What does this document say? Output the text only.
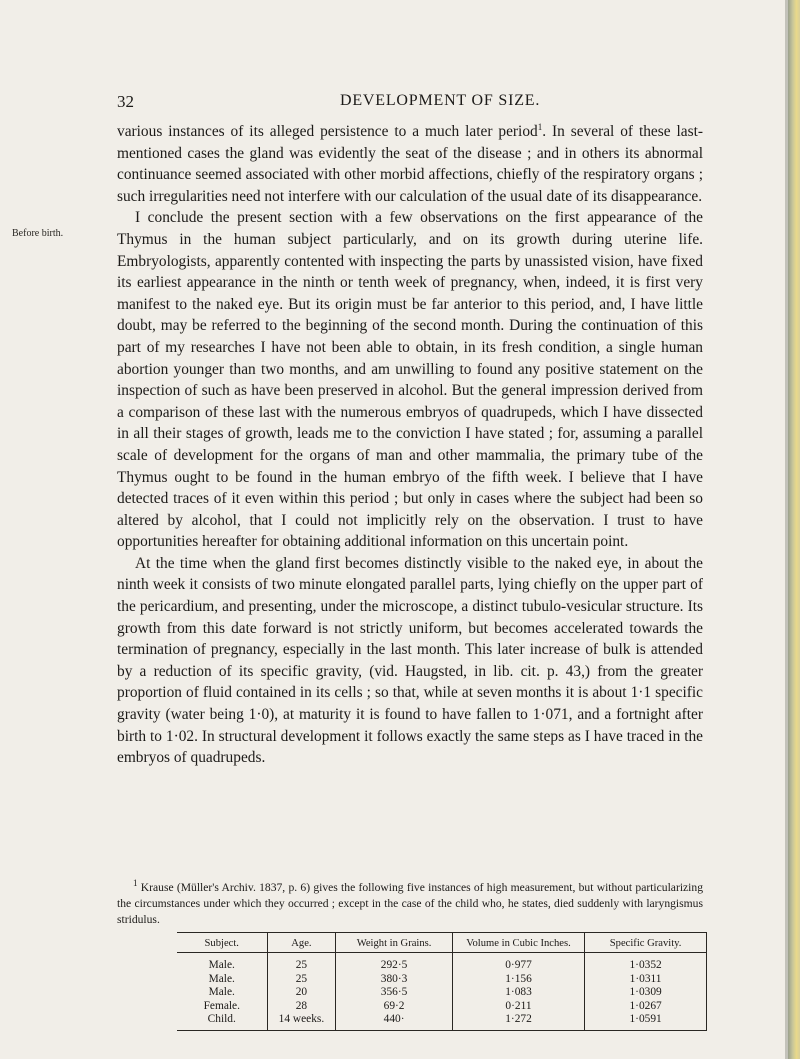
32	DEVELOPMENT OF SIZE.
Before birth.

various instances of its alleged persistence to a much later period$^1$. In several of these last-mentioned cases the gland was evidently the seat of the disease ; and in others its abnormal continuance seemed associated with other morbid affections, chiefly of the respiratory organs ; such irregularities need not interfere with our calculation of the usual date of its disappearance.

I conclude the present section with a few observations on the first appearance of the Thymus in the human subject particularly, and on its growth during uterine life. Embryologists, apparently contented with inspecting the parts by unassisted vision, have fixed its earliest appearance in the ninth or tenth week of pregnancy, when, indeed, it is first very manifest to the naked eye. But its origin must be far anterior to this period, and, I have little doubt, may be referred to the beginning of the second month. During the continuation of this part of my researches I have not been able to obtain, in its fresh condition, a single human abortion younger than two months, and am unwilling to found any positive statement on the inspection of such as have been preserved in alcohol. But the general impression derived from a comparison of these last with the numerous embryos of quadrupeds, which I have dissected in all their stages of growth, leads me to the conviction I have stated ; for, assuming a parallel scale of development for the organs of man and other mammalia, the primary tube of the Thymus ought to be found in the human embryo of the fifth week. I believe that I have detected traces of it even within this period ; but only in cases where the subject had been so altered by alcohol, that I could not implicitly rely on the observation. I trust to have opportunities hereafter for obtaining additional information on this uncertain point.

At the time when the gland first becomes distinctly visible to the naked eye, in about the ninth week it consists of two minute elongated parallel parts, lying chiefly on the upper part of the pericardium, and presenting, under the microscope, a distinct tubulo-vesicular structure. Its growth from this date forward is not strictly uniform, but becomes accelerated towards the termination of pregnancy, especially in the last month. This later increase of bulk is attended by a reduction of its specific gravity, (vid. Haugsted, in lib. cit. p. 43,) from the greater proportion of fluid contained in its cells ; so that, while at seven months it is about 1·1 specific gravity (water being 1·0), at maturity it is found to have fallen to 1·071, and a fortnight after birth to 1·02. In structural development it follows exactly the same steps as I have traced in the embryos of quadrupeds.

$^1$ Krause (Müller's Archiv. 1837, p. 6) gives the following five instances of high measurement, but without particularizing the circumstances under which they occurred ; except in the case of the child who, he states, died suddenly with laryngismus stridulus.

Subject.	Age.	Weight in Grains.	Volume in Cubic Inches.	Specific Gravity.
Male.	25	292·5	0·977	1·0352
Male.	25	380·3	1·156	1·0311
Male.	20	356·5	1·083	1·0309
Female.	28	69·2	0·211	1·0267
Child.	14 weeks.	440·	1·272	1·0591
